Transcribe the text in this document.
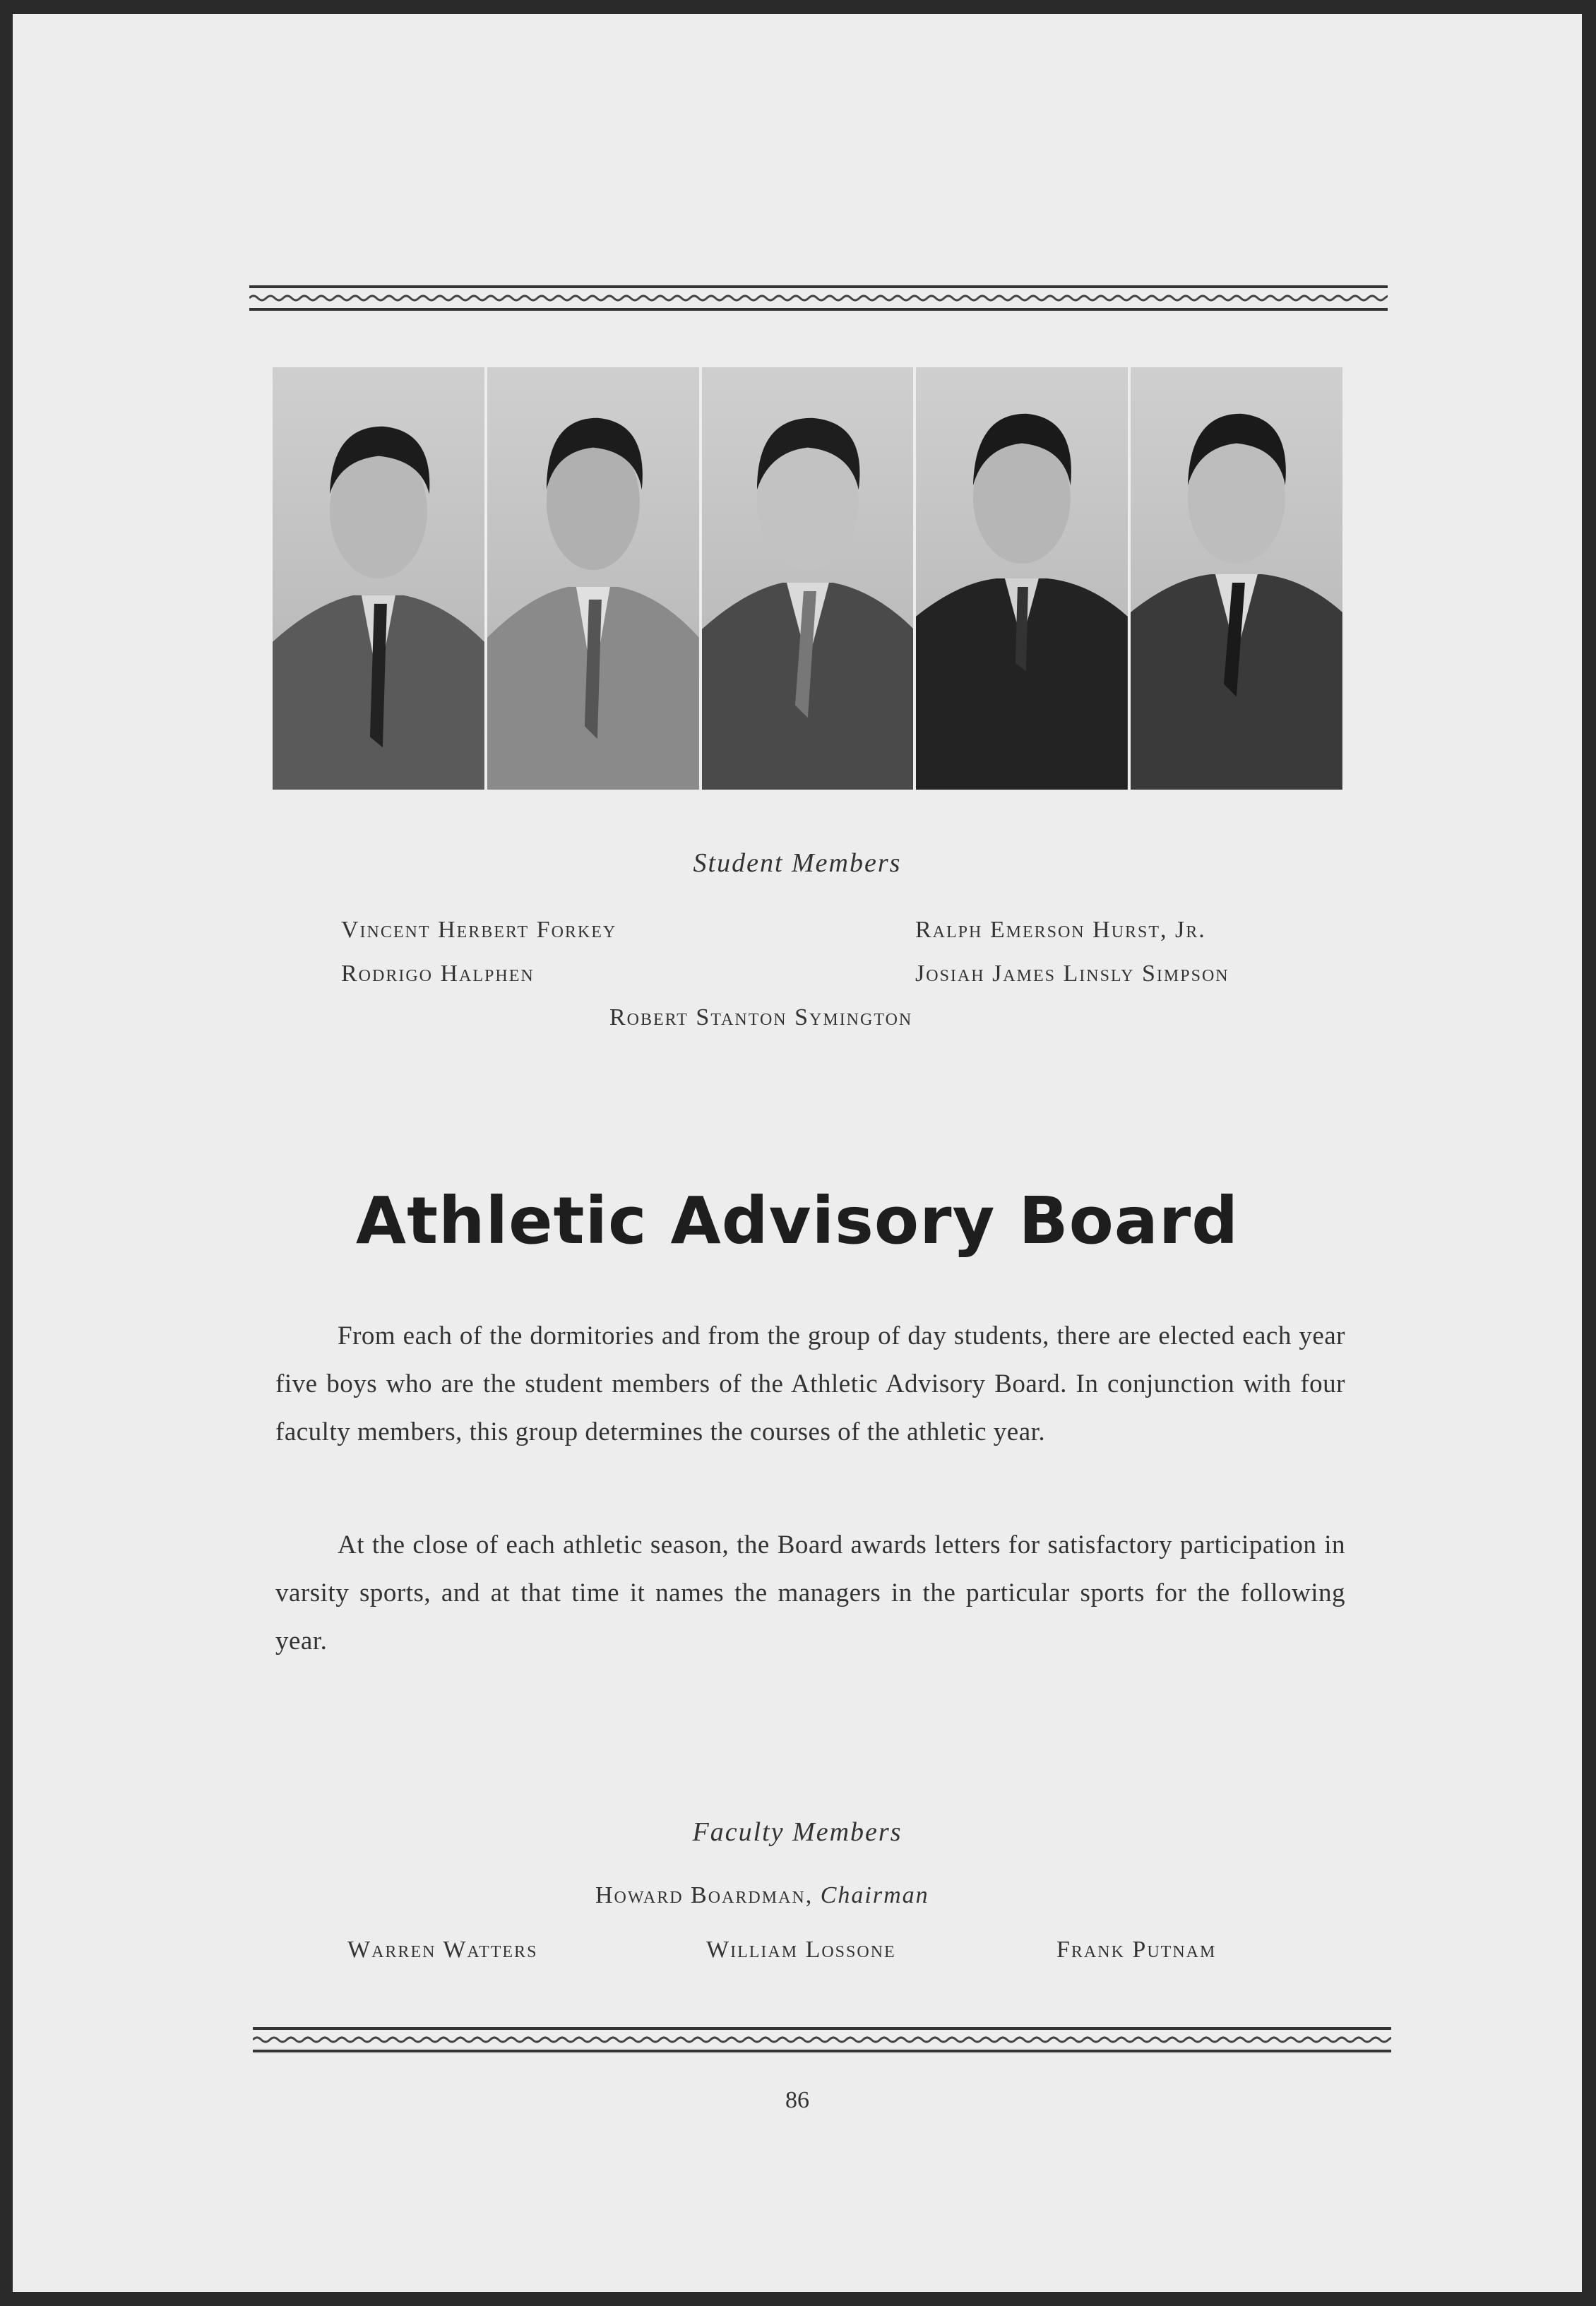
Student Members
Vincent Herbert Forkey	Ralph Emerson Hurst, Jr.
Rodrigo Halphen	Josiah James Linsly Simpson
Robert Stanton Symington
Athletic Advisory Board
From each of the dormitories and from the group of day students, there are elected each year five boys who are the student members of the Athletic Advisory Board. In conjunction with four faculty members, this group determines the courses of the athletic year.
At the close of each athletic season, the Board awards letters for satisfactory participation in varsity sports, and at that time it names the managers in the particular sports for the following year.
Faculty Members
Howard Boardman, Chairman
Warren Watters	William Lossone	Frank Putnam
86
